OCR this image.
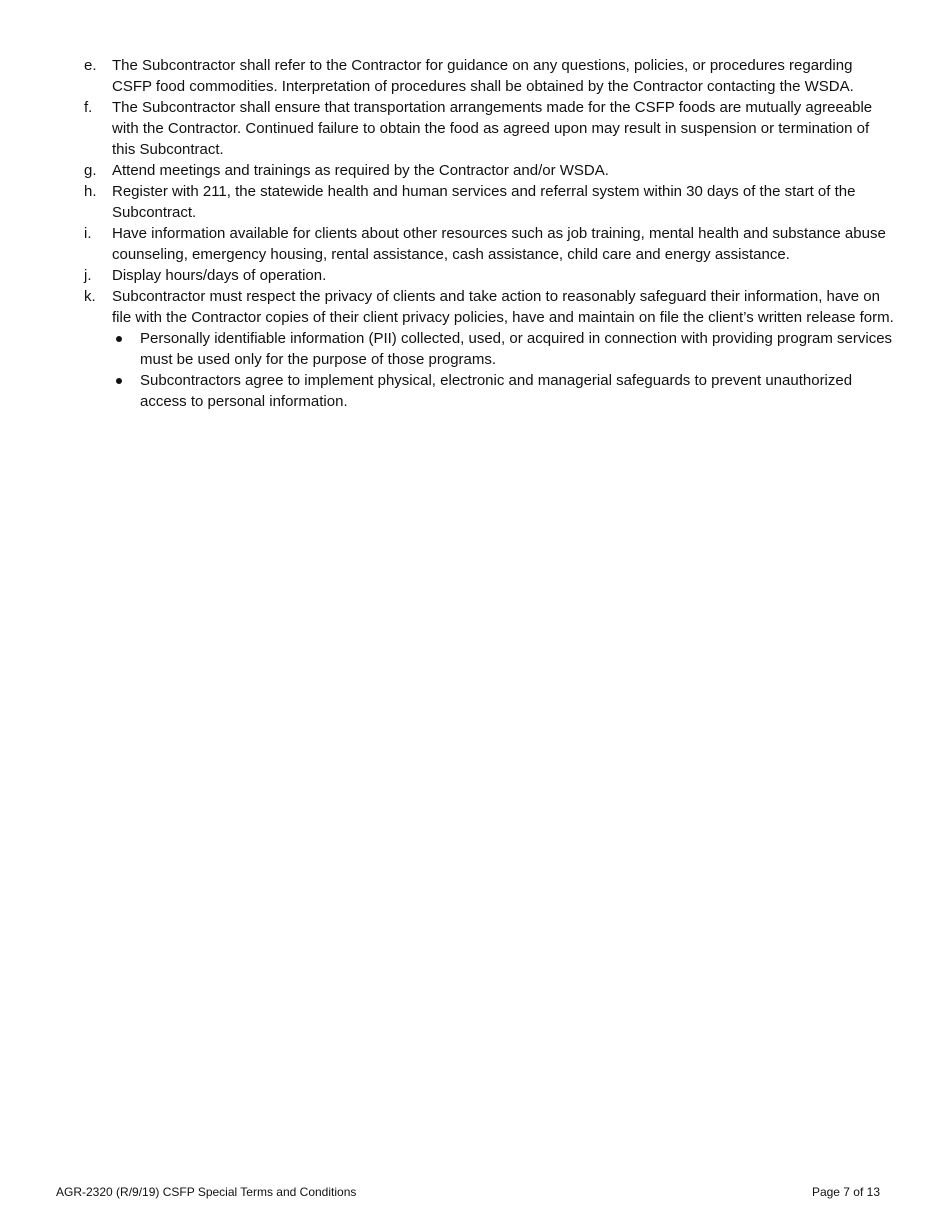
e.	The Subcontractor shall refer to the Contractor for guidance on any questions, policies, or procedures regarding CSFP food commodities. Interpretation of procedures shall be obtained by the Contractor contacting the WSDA.
f.	The Subcontractor shall ensure that transportation arrangements made for the CSFP foods are mutually agreeable with the Contractor. Continued failure to obtain the food as agreed upon may result in suspension or termination of this Subcontract.
g.	Attend meetings and trainings as required by the Contractor and/or WSDA.
h.	Register with 211, the statewide health and human services and referral system within 30 days of the start of the Subcontract.
i.	Have information available for clients about other resources such as job training, mental health and substance abuse counseling, emergency housing, rental assistance, cash assistance, child care and energy assistance.
j.	Display hours/days of operation.
k.	Subcontractor must respect the privacy of clients and take action to reasonably safeguard their information, have on file with the Contractor copies of their client privacy policies, have and maintain on file the client’s written release form.
Personally identifiable information (PII) collected, used, or acquired in connection with providing program services must be used only for the purpose of those programs.
Subcontractors agree to implement physical, electronic and managerial safeguards to prevent unauthorized access to personal information.
AGR-2320 (R/9/19) CSFP Special Terms and Conditions	Page 7 of 13
